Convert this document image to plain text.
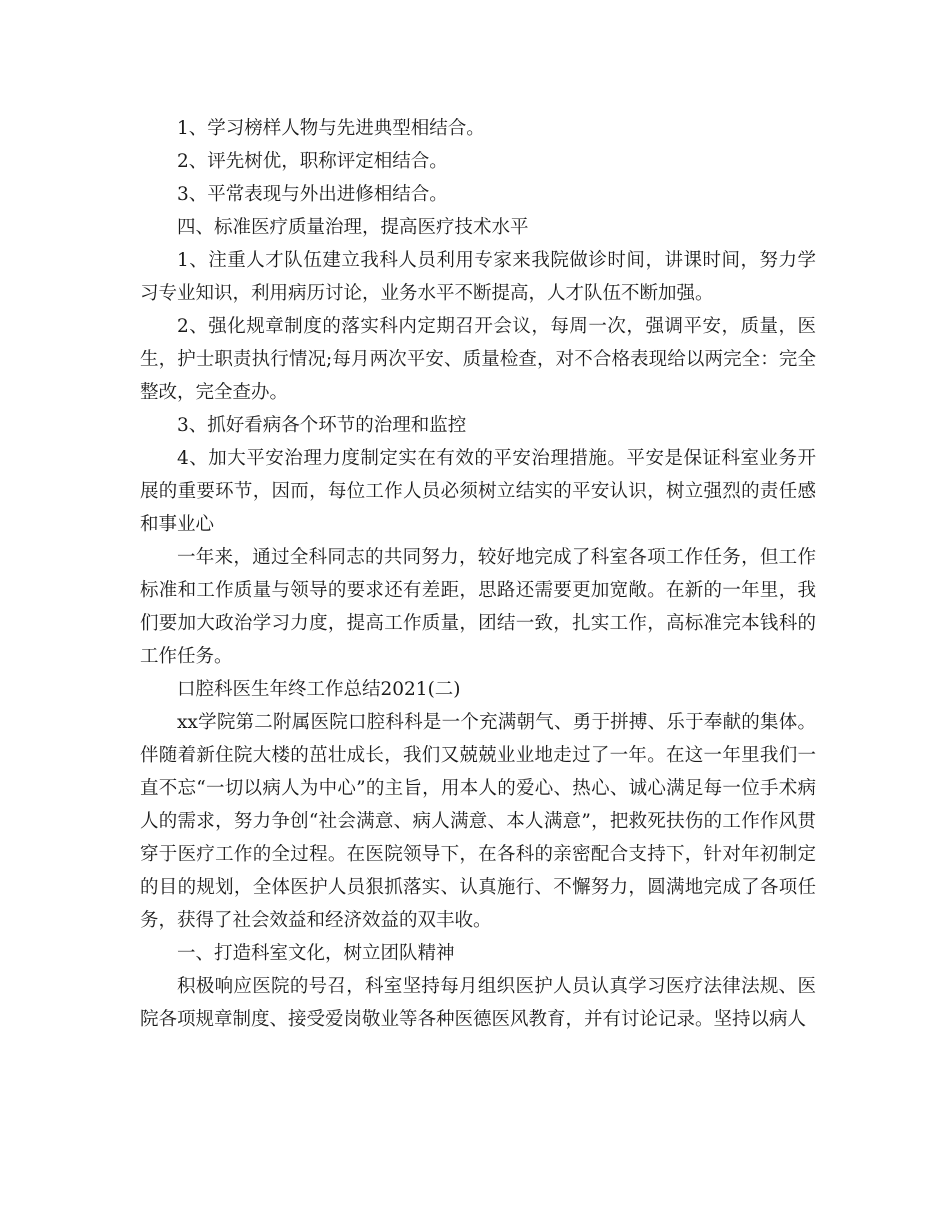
1、学习榜样人物与先进典型相结合。

2、评先树优，职称评定相结合。

3、平常表现与外出进修相结合。

四、标准医疗质量治理，提高医疗技术水平

1、注重人才队伍建立我科人员利用专家来我院做诊时间，讲课时间，努力学习专业知识，利用病历讨论，业务水平不断提高，人才队伍不断加强。

2、强化规章制度的落实科内定期召开会议，每周一次，强调平安，质量，医生，护士职责执行情况;每月两次平安、质量检查，对不合格表现给以两完全：完全整改，完全查办。

3、抓好看病各个环节的治理和监控

4、加大平安治理力度制定实在有效的平安治理措施。平安是保证科室业务开展的重要环节，因而，每位工作人员必须树立结实的平安认识，树立强烈的责任感和事业心

一年来，通过全科同志的共同努力，较好地完成了科室各项工作任务，但工作标准和工作质量与领导的要求还有差距，思路还需要更加宽敞。在新的一年里，我们要加大政治学习力度，提高工作质量，团结一致，扎实工作，高标准完本钱科的工作任务。

口腔科医生年终工作总结2021(二)

xx学院第二附属医院口腔科科是一个充满朝气、勇于拼搏、乐于奉献的集体。伴随着新住院大楼的茁壮成长，我们又兢兢业业地走过了一年。在这一年里我们一直不忘“一切以病人为中心”的主旨，用本人的爱心、热心、诚心满足每一位手术病人的需求，努力争创“社会满意、病人满意、本人满意”，把救死扶伤的工作作风贯穿于医疗工作的全过程。在医院领导下，在各科的亲密配合支持下，针对年初制定的目的规划，全体医护人员狠抓落实、认真施行、不懈努力，圆满地完成了各项任务，获得了社会效益和经济效益的双丰收。

一、打造科室文化，树立团队精神

积极响应医院的号召，科室坚持每月组织医护人员认真学习医疗法律法规、医院各项规章制度、接受爱岗敬业等各种医德医风教育，并有讨论记录。坚持以病人
